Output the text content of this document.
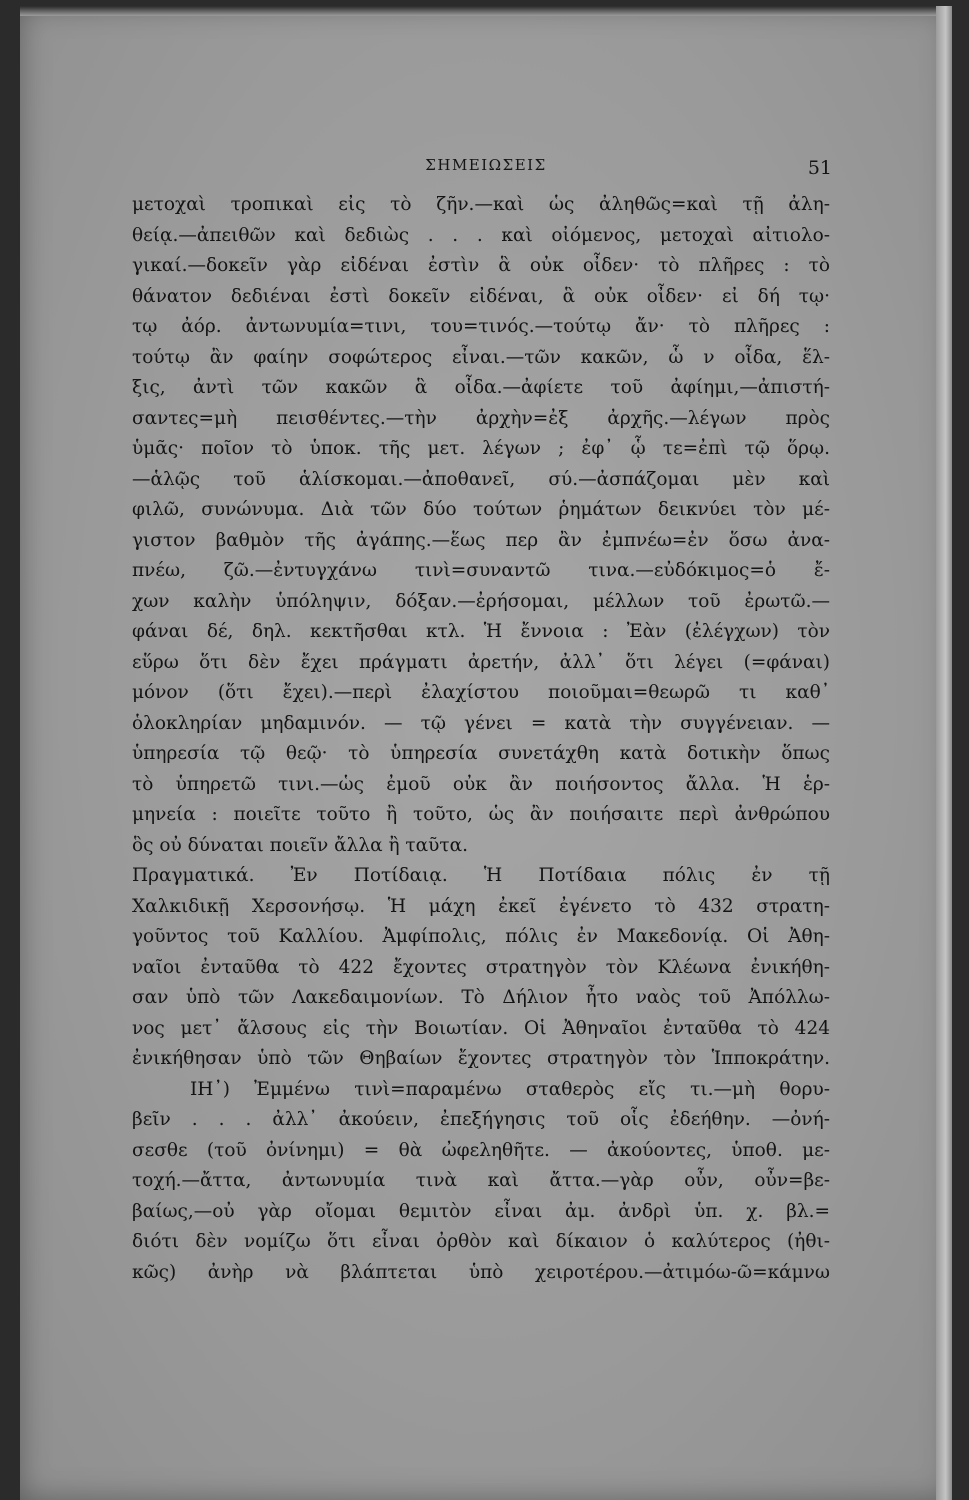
ΣΗΜΕΙΩΣΕΙΣ	51
μετοχαὶ τροπικαὶ εἰς τὸ ζῆν.—καὶ ὡς ἀληθῶς=καὶ τῇ ἀλη-
θείᾳ.—ἀπειθῶν καὶ δεδιὼς . . . καὶ οἰόμενος, μετοχαὶ αἰτιολο-
γικαί.—δοκεῖν γὰρ εἰδέναι ἐστὶν ἃ οὐκ οἶδεν· τὸ πλῆρες : τὸ
θάνατον δεδιέναι ἐστὶ δοκεῖν εἰδέναι, ἃ οὐκ οἶδεν· εἰ δή τῳ·
τῳ ἀόρ. ἀντωνυμία=τινι, του=τινός.—τούτῳ ἄν· τὸ πλῆρες :
τούτῳ ἂν φαίην σοφώτερος εἶναι.—τῶν κακῶν, ὧ ν οἶδα, ἕλ-
ξις, ἀντὶ τῶν κακῶν ἃ οἶδα.—ἀφίετε τοῦ ἀφίημι,—ἀπιστή-
σαντες=μὴ πεισθέντες.—τὴν ἀρχὴν=ἐξ ἀρχῆς.—λέγων πρὸς
ὑμᾶς· ποῖον τὸ ὑποκ. τῆς μετ. λέγων ; ἐφ᾽ ᾧ τε=ἐπὶ τῷ ὅρῳ.
—ἁλῷς τοῦ ἁλίσκομαι.—ἀποθανεῖ, σύ.—ἀσπάζομαι μὲν καὶ
φιλῶ, συνώνυμα. Διὰ τῶν δύο τούτων ῥημάτων δεικνύει τὸν μέ-
γιστον βαθμὸν τῆς ἀγάπης.—ἕως περ ἂν ἐμπνέω=ἐν ὅσω ἀνα-
πνέω, ζῶ.—ἐντυγχάνω τινὶ=συναντῶ τινα.—εὐδόκιμος=ὁ ἔ-
χων καλὴν ὑπόληψιν, δόξαν.—ἐρήσομαι, μέλλων τοῦ ἐρωτῶ.—
φάναι δέ, δηλ. κεκτῆσθαι κτλ. Ἡ ἔννοια : Ἐὰν (ἐλέγχων) τὸν
εὕρω ὅτι δὲν ἔχει πράγματι ἀρετήν, ἀλλ᾽ ὅτι λέγει (=φάναι)
μόνον (ὅτι ἔχει).—περὶ ἐλαχίστου ποιοῦμαι=θεωρῶ τι καθ᾽
ὁλοκληρίαν μηδαμινόν. — τῷ γένει = κατὰ τὴν συγγένειαν. —
ὑπηρεσία τῷ θεῷ· τὸ ὑπηρεσία συνετάχθη κατὰ δοτικὴν ὅπως
τὸ ὑπηρετῶ τινι.—ὡς ἐμοῦ οὐκ ἂν ποιήσοντος ἄλλα. Ἡ ἑρ-
μηνεία : ποιεῖτε τοῦτο ἢ τοῦτο, ὡς ἂν ποιήσαιτε περὶ ἀνθρώπου
ὃς οὐ δύναται ποιεῖν ἄλλα ἢ ταῦτα.
Πραγματικά. Ἐν Ποτίδαιᾳ. Ἡ Ποτίδαια πόλις ἐν τῇ
Χαλκιδικῇ Χερσονήσῳ. Ἡ μάχη ἐκεῖ ἐγένετο τὸ 432 στρατη-
γοῦντος τοῦ Καλλίου. Ἀμφίπολις, πόλις ἐν Μακεδονίᾳ. Οἱ Ἀθη-
ναῖοι ἐνταῦθα τὸ 422 ἔχοντες στρατηγὸν τὸν Κλέωνα ἐνικήθη-
σαν ὑπὸ τῶν Λακεδαιμονίων. Τὸ Δήλιον ἦτο ναὸς τοῦ Ἀπόλλω-
νος μετ᾽ ἄλσους εἰς τὴν Βοιωτίαν. Οἱ Ἀθηναῖοι ἐνταῦθα τὸ 424
ἐνικήθησαν ὑπὸ τῶν Θηβαίων ἔχοντες στρατηγὸν τὸν Ἱπποκράτην.
ΙΗ᾽) Ἐμμένω τινὶ=παραμένω σταθερὸς εἴς τι.—μὴ θορυ-
βεῖν . . . ἀλλ᾽ ἀκούειν, ἐπεξήγησις τοῦ οἷς ἐδεήθην. —ὀνή-
σεσθε (τοῦ ὀνίνημι) = θὰ ὠφεληθῆτε. — ἀκούοντες, ὑποθ. με-
τοχή.—ἄττα, ἀντωνυμία τινὰ καὶ ἄττα.—γὰρ οὖν, οὖν=βε-
βαίως,—οὐ γὰρ οἴομαι θεμιτὸν εἶναι ἀμ. ἀνδρὶ ὑπ. χ. βλ.=
διότι δὲν νομίζω ὅτι εἶναι ὀρθὸν καὶ δίκαιον ὁ καλύτερος (ἠθι-
κῶς) ἀνὴρ νὰ βλάπτεται ὑπὸ χειροτέρου.—ἀτιμόω-ῶ=κάμνω
